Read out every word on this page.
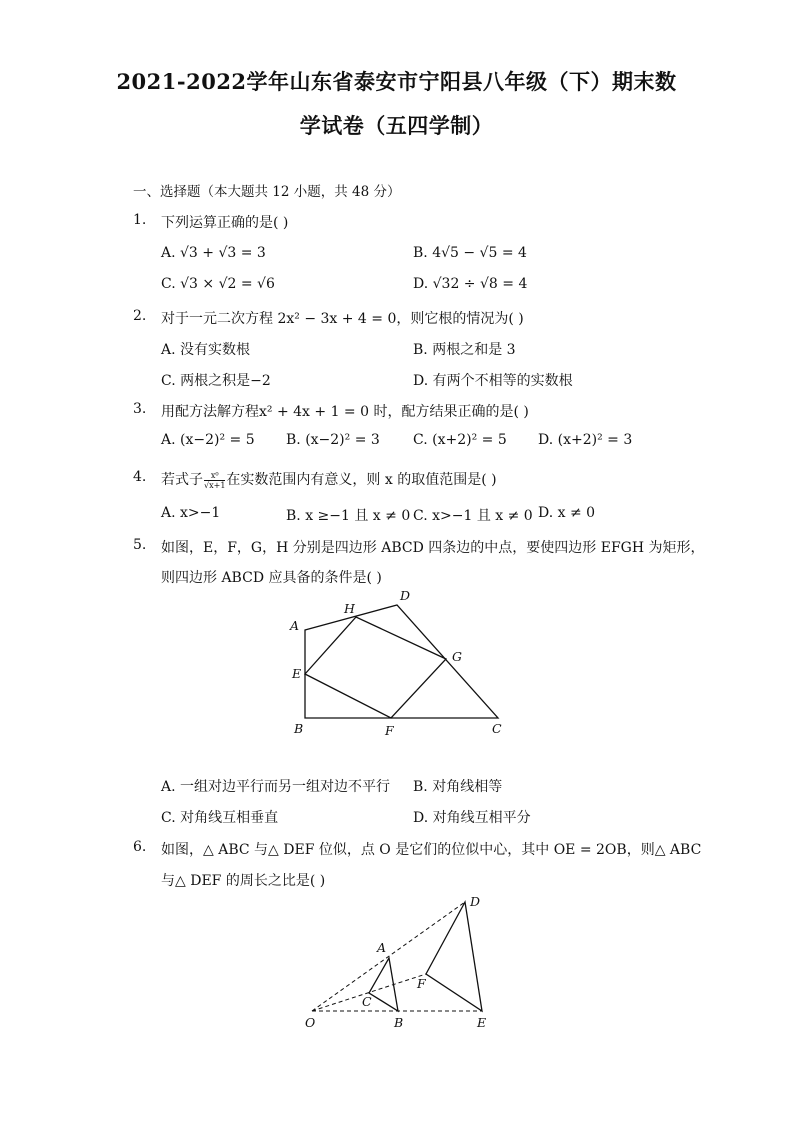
2021-2022学年山东省泰安市宁阳县八年级（下）期末数
学试卷（五四学制）
一、选择题（本大题共 12 小题，共 48 分）
1. 下列运算正确的是( )
A. √3 + √3 = 3	B. 4√5 − √5 = 4
C. √3 × √2 = √6	D. √32 ÷ √8 = 4
2. 对于一元二次方程 2x² − 3x + 4 = 0，则它根的情况为( )
A. 没有实数根	B. 两根之和是 3
C. 两根之积是−2	D. 有两个不相等的实数根
3. 用配方法解方程x² + 4x + 1 = 0 时，配方结果正确的是( )
A. (x−2)² = 5 B. (x−2)² = 3 C. (x+2)² = 5 D. (x+2)² = 3
4. 若式子 $\frac{\text{x⁰}}{√x+1}$ 在实数范围内有意义，则 x 的取值范围是( )
A. x>−1	B. x ≥−1 且 x ≠ 0 C. x>−1 且 x ≠ 0 D. x ≠ 0
5. 如图，E，F，G，H 分别是四边形 ABCD 四条边的中点，要使四边形 EFGH 为矩形，
则四边形 ABCD 应具备的条件是( )
A
B	C
D
E
F
G
H
A. 一组对边平行而另一组对边不平行 B. 对角线相等
C. 对角线互相垂直	D. 对角线互相平分
6. 如图，△ ABC 与△ DEF 位似，点 O 是它们的位似中心，其中 OE = 2OB，则△ ABC
与△ DEF 的周长之比是( )
A
B
C
D
E
F
O
